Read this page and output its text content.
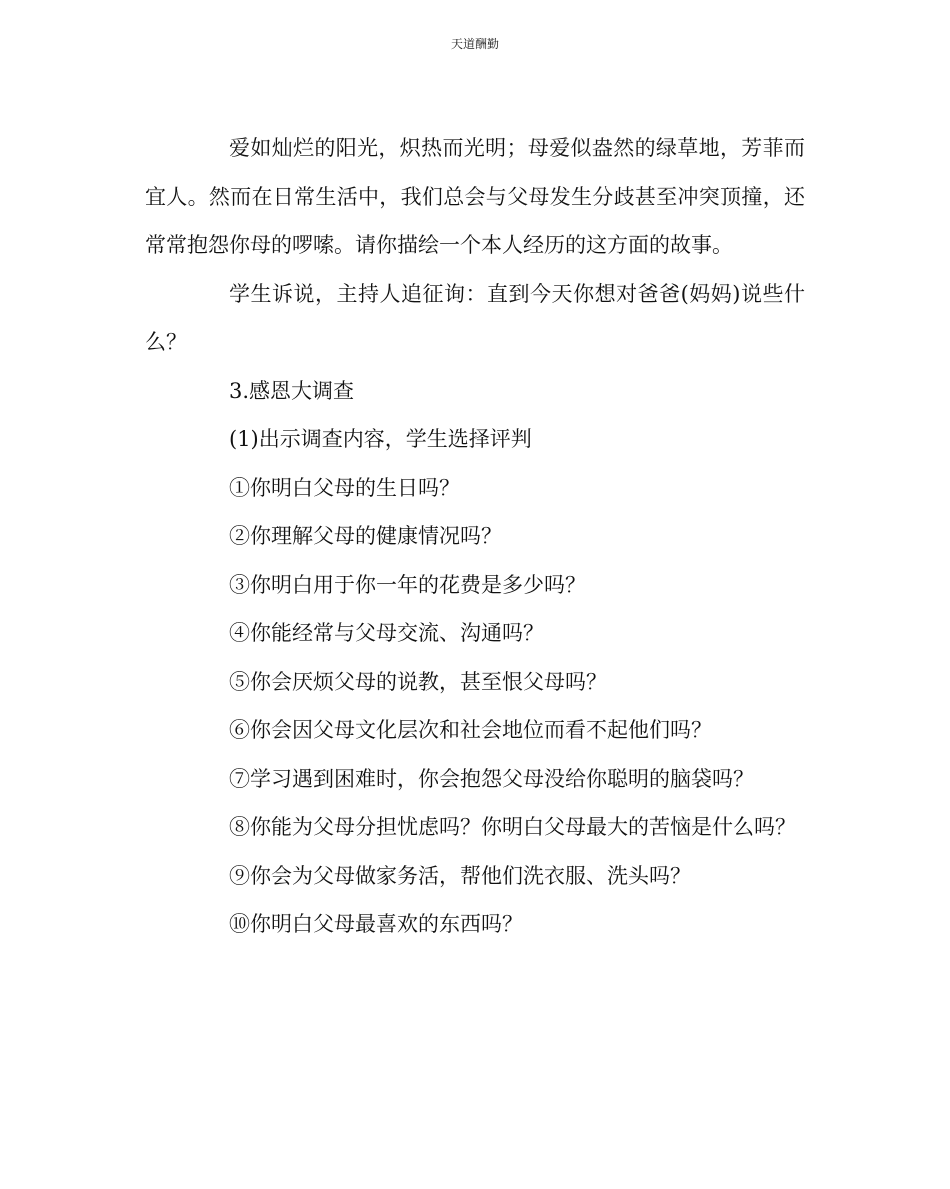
天道酬勤

爱如灿烂的阳光，炽热而光明；母爱似盎然的绿草地，芳菲而宜人。然而在日常生活中，我们总会与父母发生分歧甚至冲突顶撞，还常常抱怨你母的啰嗦。请你描绘一个本人经历的这方面的故事。

学生诉说，主持人追征询：直到今天你想对爸爸(妈妈)说些什么？

3.感恩大调查

(1)出示调查内容，学生选择评判

①你明白父母的生日吗？

②你理解父母的健康情况吗？

③你明白用于你一年的花费是多少吗？

④你能经常与父母交流、沟通吗？

⑤你会厌烦父母的说教，甚至恨父母吗？

⑥你会因父母文化层次和社会地位而看不起他们吗？

⑦学习遇到困难时，你会抱怨父母没给你聪明的脑袋吗？

⑧你能为父母分担忧虑吗？你明白父母最大的苦恼是什么吗？

⑨你会为父母做家务活，帮他们洗衣服、洗头吗？

⑩你明白父母最喜欢的东西吗？
